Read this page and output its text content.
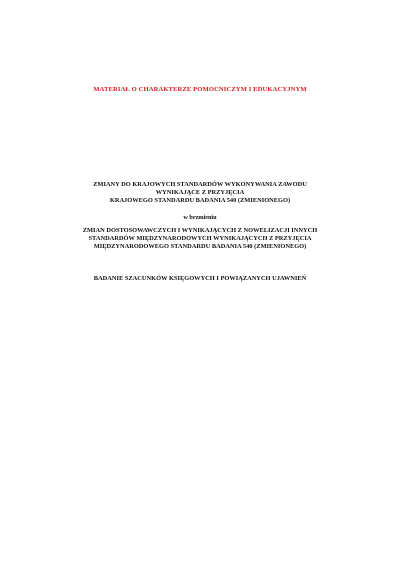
MATERIAŁ O CHARAKTERZE POMOCNICZYM I EDUKACYJNYM
ZMIANY DO KRAJOWYCH STANDARDÓW WYKONYWANIA ZAWODU
WYNIKAJĄCE Z PRZYJĘCIA
KRAJOWEGO STANDARDU BADANIA 540 (ZMIENIONEGO)
w brzmieniu
ZMIAN DOSTOSOWAWCZYCH I WYNIKAJĄCYCH Z NOWELIZACJI INNYCH
STANDARDÓW MIĘDZYNARODOWYCH WYNIKAJĄCYCH Z PRZYJĘCIA
MIĘDZYNARODOWEGO STANDARDU BADANIA 540 (ZMIENIONEGO)
BADANIE SZACUNKÓW KSIĘGOWYCH I POWIĄZANYCH UJAWNIEŃ
